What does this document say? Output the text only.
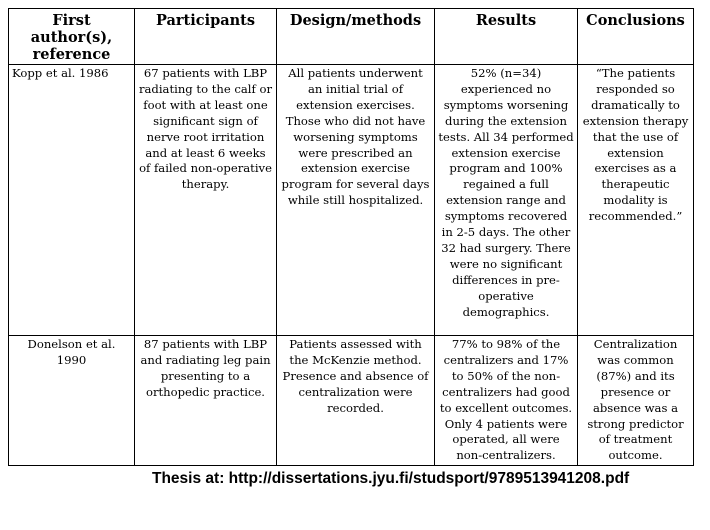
First author(s), reference	Participants	Design/methods	Results	Conclusions
Kopp et al. 1986	67 patients with LBP radiating to the calf or foot with at least one significant sign of nerve root irritation and at least 6 weeks of failed non-operative therapy.	All patients underwent an initial trial of extension exercises. Those who did not have worsening symptoms were prescribed an extension exercise program for several days while still hospitalized.	52% (n=34) experienced no symptoms worsening during the extension tests. All 34 performed extension exercise program and 100% regained a full extension range and symptoms recovered in 2-5 days. The other 32 had surgery. There were no significant differences in pre-operative demographics.	“The patients responded so dramatically to extension therapy that the use of extension exercises as a therapeutic modality is recommended.”
Donelson et al. 1990	87 patients with LBP and radiating leg pain presenting to a orthopedic practice.	Patients assessed with the McKenzie method. Presence and absence of centralization were recorded.	77% to 98% of the centralizers and 17% to 50% of the non-centralizers had good to excellent outcomes. Only 4 patients were operated, all were non-centralizers.	Centralization was common (87%) and its presence or absence was a strong predictor of treatment outcome.
Thesis at: http://dissertations.jyu.fi/studsport/9789513941208.pdf
